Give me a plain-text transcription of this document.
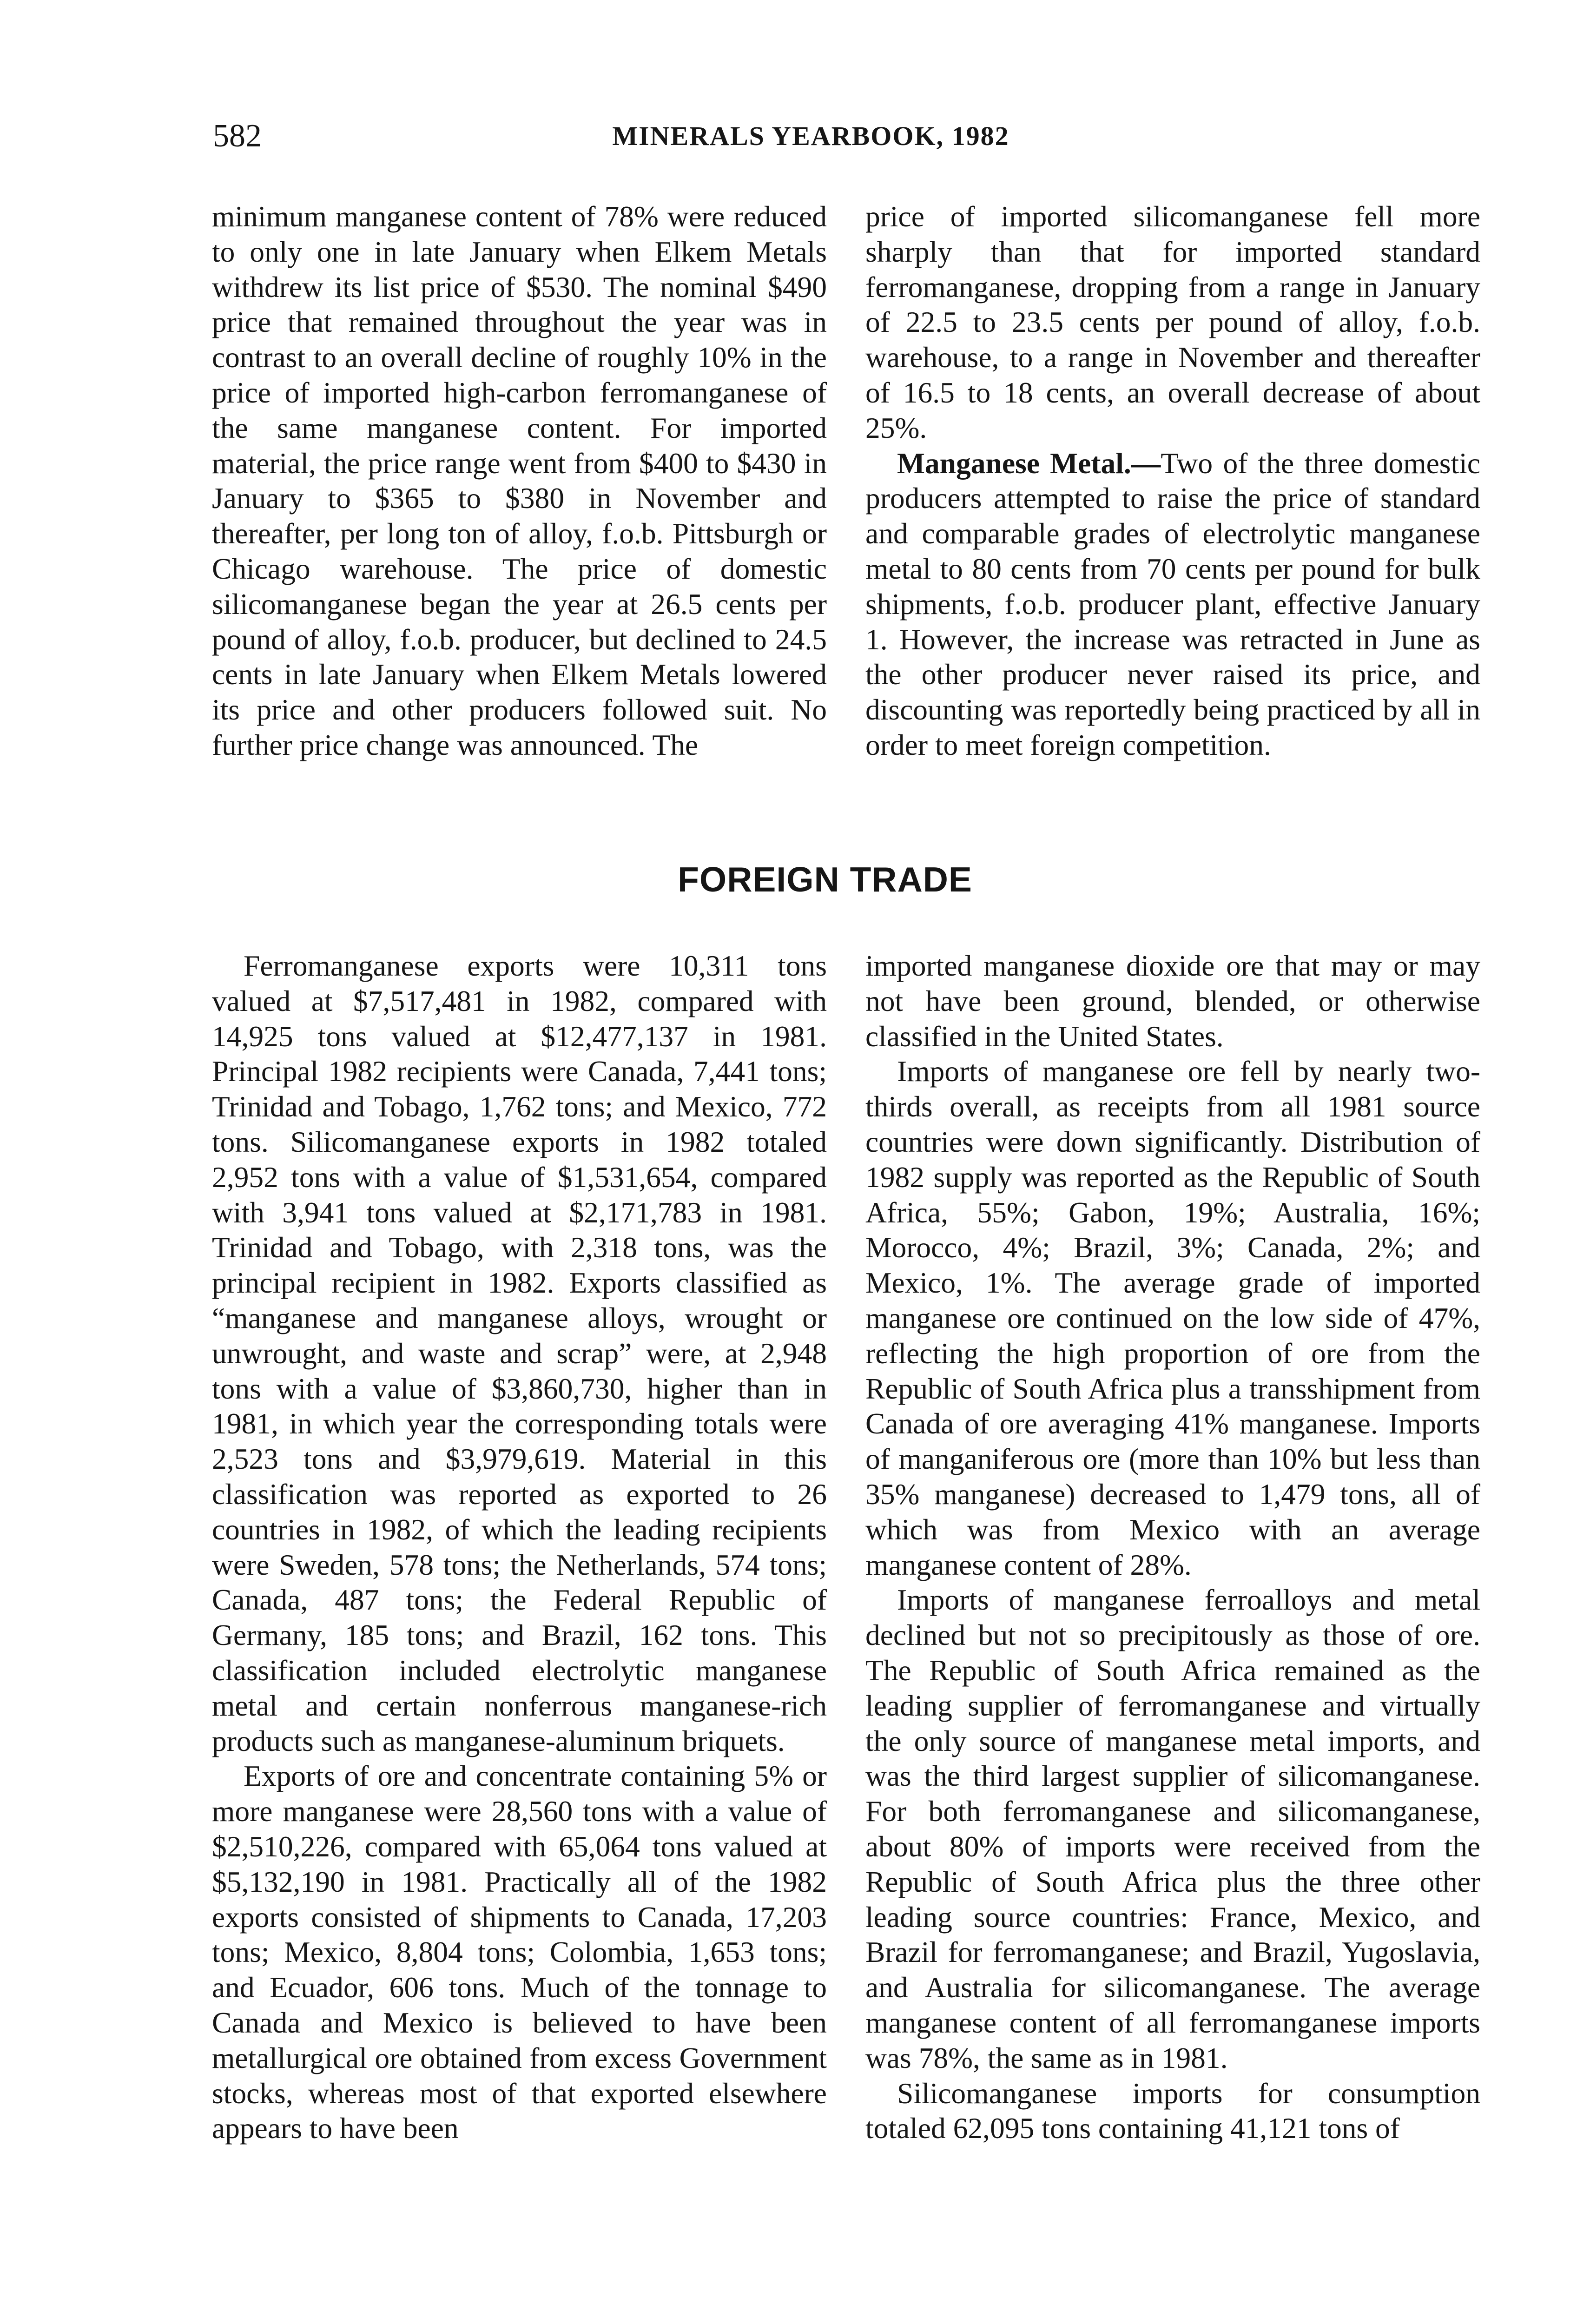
582	MINERALS YEARBOOK, 1982

minimum manganese content of 78% were reduced to only one in late January when Elkem Metals withdrew its list price of $530. The nominal $490 price that remained throughout the year was in contrast to an overall decline of roughly 10% in the price of imported high-carbon ferromanganese of the same manganese content. For imported material, the price range went from $400 to $430 in January to $365 to $380 in November and thereafter, per long ton of alloy, f.o.b. Pittsburgh or Chicago warehouse. The price of domestic silicomanganese began the year at 26.5 cents per pound of alloy, f.o.b. producer, but declined to 24.5 cents in late January when Elkem Metals lowered its price and other producers followed suit. No further price change was announced. The

price of imported silicomanganese fell more sharply than that for imported standard ferromanganese, dropping from a range in January of 22.5 to 23.5 cents per pound of alloy, f.o.b. warehouse, to a range in November and thereafter of 16.5 to 18 cents, an overall decrease of about 25%.

Manganese Metal.—Two of the three domestic producers attempted to raise the price of standard and comparable grades of electrolytic manganese metal to 80 cents from 70 cents per pound for bulk shipments, f.o.b. producer plant, effective January 1. However, the increase was retracted in June as the other producer never raised its price, and discounting was reportedly being practiced by all in order to meet foreign competition.

FOREIGN TRADE

Ferromanganese exports were 10,311 tons valued at $7,517,481 in 1982, compared with 14,925 tons valued at $12,477,137 in 1981. Principal 1982 recipients were Canada, 7,441 tons; Trinidad and Tobago, 1,762 tons; and Mexico, 772 tons. Silicomanganese exports in 1982 totaled 2,952 tons with a value of $1,531,654, compared with 3,941 tons valued at $2,171,783 in 1981. Trinidad and Tobago, with 2,318 tons, was the principal recipient in 1982. Exports classified as “manganese and manganese alloys, wrought or unwrought, and waste and scrap” were, at 2,948 tons with a value of $3,860,730, higher than in 1981, in which year the corresponding totals were 2,523 tons and $3,979,619. Material in this classification was reported as exported to 26 countries in 1982, of which the leading recipients were Sweden, 578 tons; the Netherlands, 574 tons; Canada, 487 tons; the Federal Republic of Germany, 185 tons; and Brazil, 162 tons. This classification included electrolytic manganese metal and certain nonferrous manganese-rich products such as manganese-aluminum briquets.

Exports of ore and concentrate containing 5% or more manganese were 28,560 tons with a value of $2,510,226, compared with 65,064 tons valued at $5,132,190 in 1981. Practically all of the 1982 exports consisted of shipments to Canada, 17,203 tons; Mexico, 8,804 tons; Colombia, 1,653 tons; and Ecuador, 606 tons. Much of the tonnage to Canada and Mexico is believed to have been metallurgical ore obtained from excess Government stocks, whereas most of that exported elsewhere appears to have been

imported manganese dioxide ore that may or may not have been ground, blended, or otherwise classified in the United States.

Imports of manganese ore fell by nearly two-thirds overall, as receipts from all 1981 source countries were down significantly. Distribution of 1982 supply was reported as the Republic of South Africa, 55%; Gabon, 19%; Australia, 16%; Morocco, 4%; Brazil, 3%; Canada, 2%; and Mexico, 1%. The average grade of imported manganese ore continued on the low side of 47%, reflecting the high proportion of ore from the Republic of South Africa plus a transshipment from Canada of ore averaging 41% manganese. Imports of manganiferous ore (more than 10% but less than 35% manganese) decreased to 1,479 tons, all of which was from Mexico with an average manganese content of 28%.

Imports of manganese ferroalloys and metal declined but not so precipitously as those of ore. The Republic of South Africa remained as the leading supplier of ferromanganese and virtually the only source of manganese metal imports, and was the third largest supplier of silicomanganese. For both ferromanganese and silicomanganese, about 80% of imports were received from the Republic of South Africa plus the three other leading source countries: France, Mexico, and Brazil for ferromanganese; and Brazil, Yugoslavia, and Australia for silicomanganese. The average manganese content of all ferromanganese imports was 78%, the same as in 1981.

Silicomanganese imports for consumption totaled 62,095 tons containing 41,121 tons of
